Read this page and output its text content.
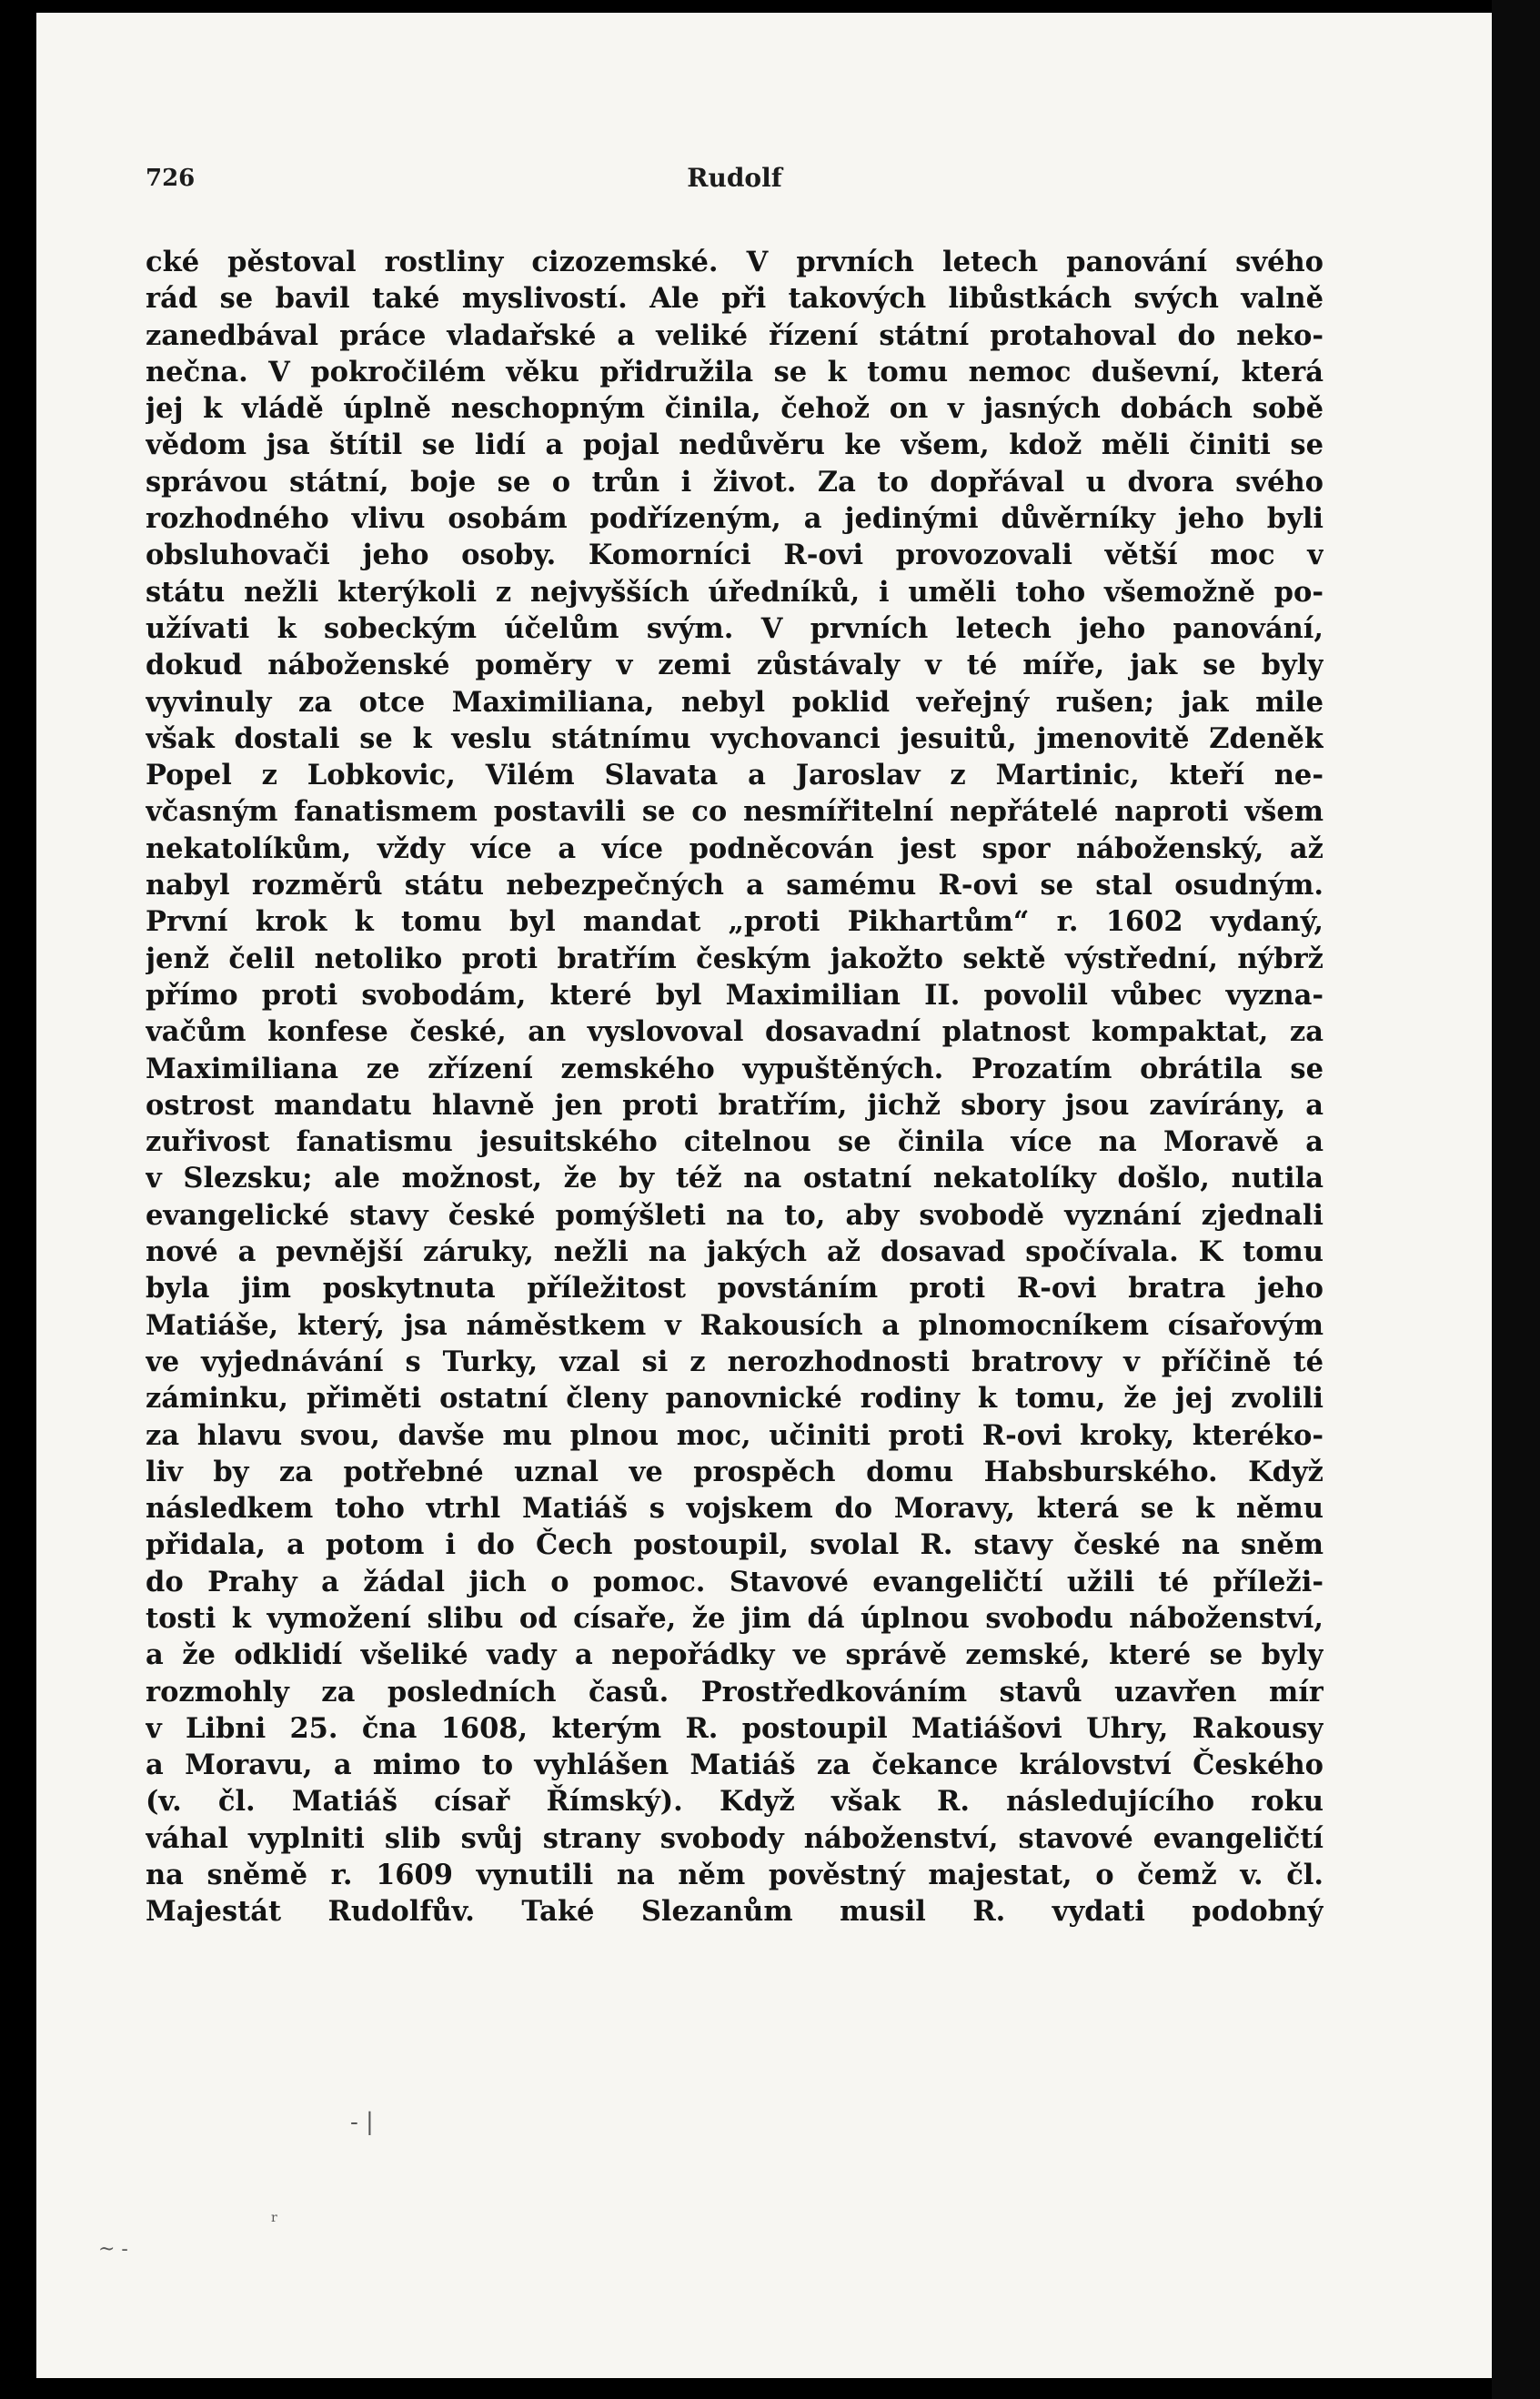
726	Rudolf
cké pěstoval rostliny cizozemské. V prvních letech panování svého
rád se bavil také myslivostí. Ale při takových libůstkách svých valně
zanedbával práce vladařské a veliké řízení státní protahoval do neko-
nečna. V pokročilém věku přidružila se k tomu nemoc duševní, která
jej k vládě úplně neschopným činila, čehož on v jasných dobách sobě
vědom jsa štítil se lidí a pojal nedůvěru ke všem, kdož měli činiti se
správou státní, boje se o trůn i život. Za to dopřával u dvora svého
rozhodného vlivu osobám podřízeným, a jedinými důvěrníky jeho byli
obsluhovači jeho osoby. Komorníci R-ovi provozovali větší moc v
státu nežli kterýkoli z nejvyšších úředníků, i uměli toho všemožně po-
užívati k sobeckým účelům svým. V prvních letech jeho panování,
dokud náboženské poměry v zemi zůstávaly v té míře, jak se byly
vyvinuly za otce Maximiliana, nebyl poklid veřejný rušen; jak mile
však dostali se k veslu státnímu vychovanci jesuitů, jmenovitě Zdeněk
Popel z Lobkovic, Vilém Slavata a Jaroslav z Martinic, kteří ne-
včasným fanatismem postavili se co nesmířitelní nepřátelé naproti všem
nekatolíkům, vždy více a více podněcován jest spor náboženský, až
nabyl rozměrů státu nebezpečných a samému R-ovi se stal osudným.
První krok k tomu byl mandat „proti Pikhartům“ r. 1602 vydaný,
jenž čelil netoliko proti bratřím českým jakožto sektě výstřední, nýbrž
přímo proti svobodám, které byl Maximilian II. povolil vůbec vyzna-
vačům konfese české, an vyslovoval dosavadní platnost kompaktat, za
Maximiliana ze zřízení zemského vypuštěných. Prozatím obrátila se
ostrost mandatu hlavně jen proti bratřím, jichž sbory jsou zavírány, a
zuřivost fanatismu jesuitského citelnou se činila více na Moravě a
v Slezsku; ale možnost, že by též na ostatní nekatolíky došlo, nutila
evangelické stavy české pomýšleti na to, aby svobodě vyznání zjednali
nové a pevnější záruky, nežli na jakých až dosavad spočívala. K tomu
byla jim poskytnuta příležitost povstáním proti R-ovi bratra jeho
Matiáše, který, jsa náměstkem v Rakousích a plnomocníkem císařovým
ve vyjednávání s Turky, vzal si z nerozhodnosti bratrovy v příčině té
záminku, přiměti ostatní členy panovnické rodiny k tomu, že jej zvolili
za hlavu svou, davše mu plnou moc, učiniti proti R-ovi kroky, kteréko-
liv by za potřebné uznal ve prospěch domu Habsburského. Když
následkem toho vtrhl Matiáš s vojskem do Moravy, která se k němu
přidala, a potom i do Čech postoupil, svolal R. stavy české na sněm
do Prahy a žádal jich o pomoc. Stavové evangeličtí užili té příleži-
tosti k vymožení slibu od císaře, že jim dá úplnou svobodu náboženství,
a že odklidí všeliké vady a nepořádky ve správě zemské, které se byly
rozmohly za posledních časů. Prostředkováním stavů uzavřen mír
v Libni 25. čna 1608, kterým R. postoupil Matiášovi Uhry, Rakousy
a Moravu, a mimo to vyhlášen Matiáš za čekance království Českého
(v. čl. Matiáš císař Římský). Když však R. následujícího roku
váhal vyplniti slib svůj strany svobody náboženství, stavové evangeličtí
na sněmě r. 1609 vynutili na něm pověstný majestat, o čemž v. čl.
Majestát Rudolfův. Také Slezanům musil R. vydati podobný
- |
r
~ -
